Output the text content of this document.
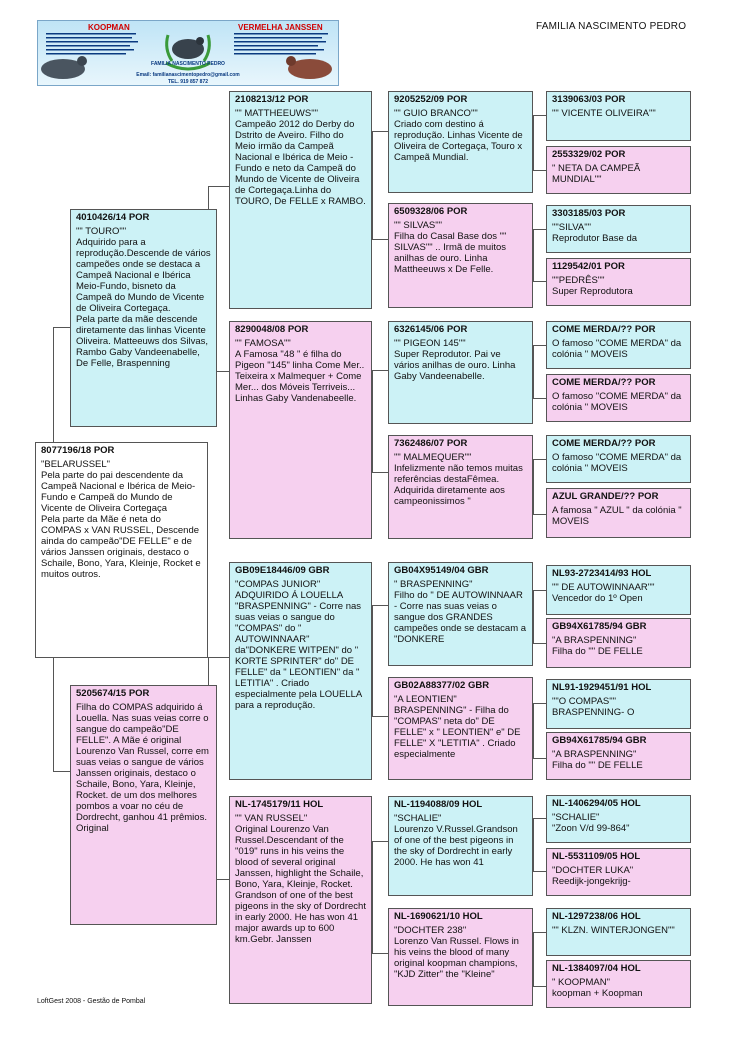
FAMILIA NASCIMENTO PEDRO
KOOPMAN	VERMELHA JANSSEN
FAMILIA NASCIMENTO PEDRO
Email: familianascimentopedro@gmail.com
TEL. 919 857 872
8077196/18 POR
"BELARUSSEL"
Pela parte do pai descendente da Campeã Nacional e Ibérica de Meio-Fundo e Campeã do Mundo de Vicente de Oliveira Cortegaça
Pela parte da Mãe é neta do COMPAS x VAN RUSSEL, Descende ainda do campeão"DE FELLE" e de vários Janssen originais, destaco o Schaile, Bono, Yara, Kleinje, Rocket e muitos outros.
4010426/14 POR
"" TOURO""
Adquirido para a reprodução.Descende de vários campeões onde se destaca a Campeã Nacional e Ibérica Meio-Fundo, bisneto da Campeã do Mundo de Vicente de Oliveira Cortegaça.
Pela parte da mãe descende diretamente das linhas Vicente Oliveira. Matteeuws dos Silvas, Rambo Gaby Vandeenabelle, De Felle, Braspenning
5205674/15 POR
Filha do COMPAS adquirido á Louella. Nas suas veias corre o sangue do campeão"DE FELLE". A Mãe é original Lourenzo Van Russel, corre em suas veias o sangue de vários Janssen originais, destaco o Schaile, Bono, Yara, Kleinje, Rocket. de um dos melhores pombos a voar no céu de Dordrecht, ganhou 41 prêmios. Original
2108213/12 POR
"" MATTHEEUWS""
Campeão 2012 do Derby do Dstrito de Aveiro. Filho do Meio irmão da Campeã Nacional e Ibérica de Meio - Fundo e neto da Campeã do Mundo de Vicente de Oliveira de Cortegaça.Linha do TOURO, De FELLE x RAMBO.
8290048/08 POR
"" FAMOSA""
A Famosa "48 " é filha do Pigeon "145" linha Come Mer.. Teixeira x Malmequer + Come Mer... dos Móveis Terriveis... Linhas Gaby Vandenabeelle.
GB09E18446/09 GBR
"COMPAS JUNIOR" ADQUIRIDO Á LOUELLA "BRASPENNING" - Corre nas suas veias o sangue do "COMPAS" do " AUTOWINNAAR" da"DONKERE WITPEN" do " KORTE SPRINTER" do" DE FELLE" da " LEONTIEN" da " LETITIA" . Criado especialmente pela LOUELLA para a reprodução.
NL-1745179/11 HOL
"" VAN RUSSEL"
Original Lourenzo Van Russel.Descendant of the "019" runs in his veins the blood of several original Janssen, highlight the Schaile, Bono, Yara, Kleinje, Rocket. Grandson of one of the best pigeons in the sky of Dordrecht in early 2000. He has won 41 major awards up to 600 km.Gebr. Janssen
9205252/09 POR
"" GUIO BRANCO""
Criado com destino á reprodução. Linhas Vicente de Oliveira de Cortegaça, Touro x Campeã Mundial.
6509328/06 POR
"" SILVAS""
Filha do Casal Base dos "" SILVAS"" .. Irmã de muitos anilhas de ouro. Linha Mattheeuws x De Felle.
6326145/06 POR
"" PIGEON 145""
Super Reprodutor. Pai ve vários anilhas de ouro. Linha Gaby Vandeenabelle.
7362486/07 POR
"" MALMEQUER""
Infelizmente não temos muitas referências destaFêmea. Adquirida diretamente aos campeonissimos "
GB04X95149/04 GBR
" BRASPENNING"
Filho do " DE AUTOWINNAAR - Corre nas suas veias o sangue dos GRANDES campeões onde se destacam a "DONKERE
GB02A88377/02 GBR
"A LEONTIEN" BRASPENNING" - Filha do "COMPAS" neta do" DE FELLE" x " LEONTIEN" e" DE FELLE" X "LETITIA" . Criado especialmente
NL-1194088/09 HOL
"SCHALIE"
Lourenzo V.Russel.Grandson of one of the best pigeons in the sky of Dordrecht in early 2000. He has won 41
NL-1690621/10 HOL
"DOCHTER 238"
Lorenzo Van Russel. Flows in his veins the blood of many original koopman champions, "KJD Zitter" the "Kleine"
3139063/03 POR
"" VICENTE OLIVEIRA""
2553329/02 POR
" NETA DA CAMPEÃ MUNDIAL""
3303185/03 POR
""SILVA""
Reprodutor Base da
1129542/01 POR
""PEDRÊS""
Super Reprodutora
COME MERDA/?? POR
O famoso "COME MERDA" da colónia " MOVEIS
COME MERDA/?? POR
O famoso "COME MERDA" da colónia " MOVEIS
COME MERDA/?? POR
O famoso "COME MERDA" da colónia " MOVEIS
AZUL GRANDE/?? POR
A famosa " AZUL " da colónia " MOVEIS
NL93-2723414/93 HOL
"" DE AUTOWINNAAR""
Vencedor do 1º Open
GB94X61785/94 GBR
"A BRASPENNING"
Filha do "" DE FELLE
NL91-1929451/91 HOL
""O COMPAS""
BRASPENNING- O
GB94X61785/94 GBR
"A BRASPENNING"
Filha do "" DE FELLE
NL-1406294/05 HOL
"SCHALIE"
"Zoon V/d 99-864"
NL-5531109/05 HOL
"DOCHTER LUKA"
Reedijk-jongekrijg-
NL-1297238/06 HOL
"" KLZN. WINTERJONGEN""
NL-1384097/04 HOL
" KOOPMAN"
koopman + Koopman
LoftGest 2008 - Gestão de Pombal
